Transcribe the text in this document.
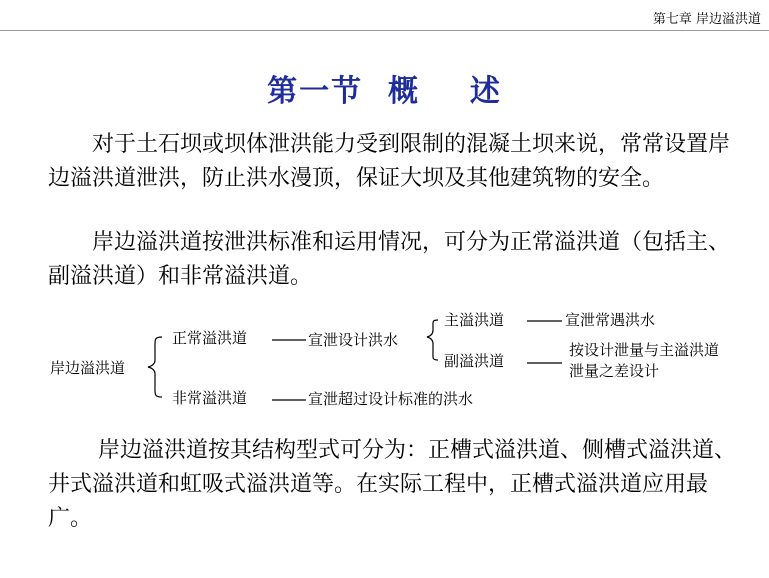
第七章 岸边溢洪道
第一节  概    述

对于土石坝或坝体泄洪能力受到限制的混凝土坝来说，常常设置岸边溢洪道泄洪，防止洪水漫顶，保证大坝及其他建筑物的安全。

岸边溢洪道按泄洪标准和运用情况，可分为正常溢洪道（包括主、副溢洪道）和非常溢洪道。

岸边溢洪道
正常溢洪道	宣泄设计洪水
主溢洪道	宣泄常遇洪水
副溢洪道
按设计泄量与主溢洪道泄量之差设计
非常溢洪道	宣泄超过设计标准的洪水

岸边溢洪道按其结构型式可分为：正槽式溢洪道、侧槽式溢洪道、井式溢洪道和虹吸式溢洪道等。在实际工程中，正槽式溢洪道应用最广。
